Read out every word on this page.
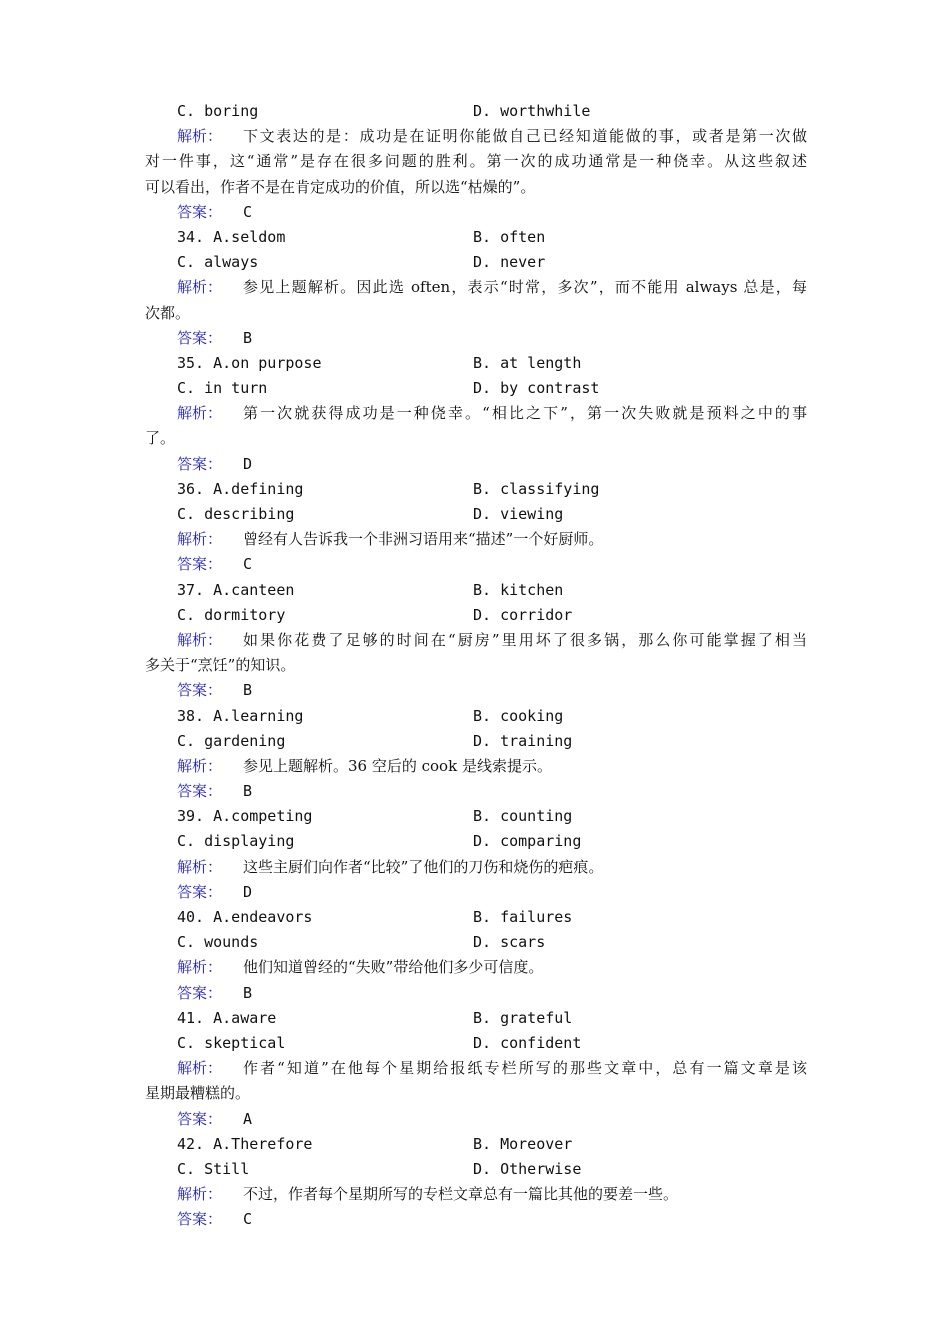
C. boring	D. worthwhile
解析： 下文表达的是：成功是在证明你能做自己已经知道能做的事，或者是第一次做
对一件事，这“通常”是存在很多问题的胜利。第一次的成功通常是一种侥幸。从这些叙述
可以看出，作者不是在肯定成功的价值，所以选“枯燥的”。
答案： C
34. A.seldom	B. often
C. always	D. never
解析： 参见上题解析。因此选 often，表示“时常，多次”，而不能用 always 总是，每
次都。
答案： B
35. A.on purpose	B. at length
C. in turn	D. by contrast
解析： 第一次就获得成功是一种侥幸。“相比之下”，第一次失败就是预料之中的事
了。
答案： D
36. A.defining	B. classifying
C. describing	D. viewing
解析： 曾经有人告诉我一个非洲习语用来“描述”一个好厨师。
答案： C
37. A.canteen	B. kitchen
C. dormitory	D. corridor
解析： 如果你花费了足够的时间在“厨房”里用坏了很多锅，那么你可能掌握了相当
多关于“烹饪”的知识。
答案： B
38. A.learning	B. cooking
C. gardening	D. training
解析： 参见上题解析。36 空后的 cook 是线索提示。
答案： B
39. A.competing	B. counting
C. displaying	D. comparing
解析： 这些主厨们向作者“比较”了他们的刀伤和烧伤的疤痕。
答案： D
40. A.endeavors	B. failures
C. wounds	D. scars
解析： 他们知道曾经的“失败”带给他们多少可信度。
答案： B
41. A.aware	B. grateful
C. skeptical	D. confident
解析： 作者“知道”在他每个星期给报纸专栏所写的那些文章中，总有一篇文章是该
星期最糟糕的。
答案： A
42. A.Therefore	B. Moreover
C. Still	D. Otherwise
解析： 不过，作者每个星期所写的专栏文章总有一篇比其他的要差一些。
答案： C
